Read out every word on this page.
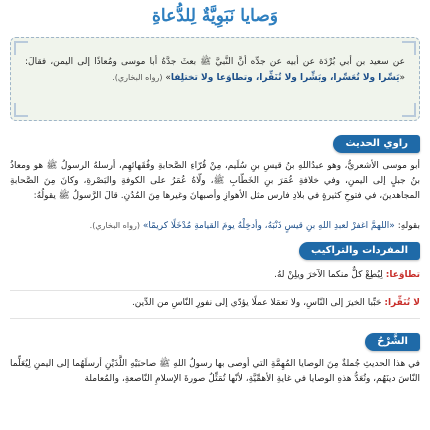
وَصايا نَبَوِيَّةٌ لِلدُّعاةِ

عن سعيد بن أبي بُرْدَة عن أبيه عن جدِّه أنَّ النَّبيَّ ﷺ بعثَ جدَّهُ أبا موسى ومُعاذًا إلى اليمن، فقالَ: «يَسِّرا ولا تُعَسِّرا، وبَشِّرا ولا تُنَفِّرا، وتطاوَعا ولا تختلِفا» (رواه البخاري).

راوي الحديث

أبو موسى الأشعريُّ، وهو عبدُاللهِ بنُ قيسِ بنِ سُلَيم، مِنْ قُرّاءِ الصَّحابةِ وفُقَهائهِم، أرسلهُ الرسولُ ﷺ هو ومعاذُ بنُ جبلٍ إلى اليمنِ، وفي خلافةِ عُمَرَ بنِ الخَطّابِ ﷺ، ولّاهُ عُمَرُ على الكوفةِ والبَصْرةِ، وكانَ مِنَ الصَّحابةِ المجاهدينَ، في فتوحِ كثيرةٍ في بلادِ فارس مثل الأهوازِ وأصبهانَ وغيرها مِنَ المُدُنِ. قالَ الرَّسولُ ﷺ يقولُهُ:

بقولهِ: «اللهمَّ اغفرْ لعبدِ اللهِ بنِ قيسٍ ذَنْبَهُ، وأدخِلْهُ يومَ القيامةِ مُدْخَلًا كريمًا» (رواه البخاري).

المفردات والتراكيب

تطاوَعا: لِيُطِعْ كلٌّ منكما الآخرَ ويلِنْ لهُ.

لا تُنَفِّرا: حَبِّبا الخيرَ إلى النّاسِ، ولا تعمَلا عملًا يؤدّي إلى نفورِ النّاسِ من الدِّين.

الشَّرْحُ

في هذا الحديثِ جُملةٌ مِنَ الوصايا المُهِمَّةِ التي أوصى بها رسولُ اللهِ ﷺ صاحبَيْهِ اللَّذَيْنِ أرسلَهُما إلى اليمنِ لِيُعَلِّما النّاسَ دينَهُم، وتُعَدُّ هذهِ الوصايا في غايةِ الأهمِّيَّةِ، لأنّها تُمَثِّلُ صورةَ الإسلامِ النّاصعةِ، والمُعاملة
